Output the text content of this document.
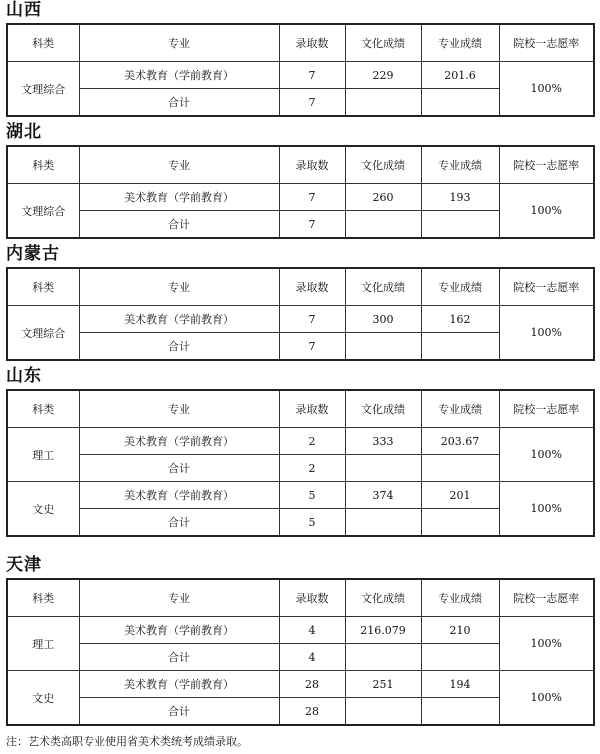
山西
科类	专业	录取数	文化成绩	专业成绩	院校一志愿率
文理综合	美术教育（学前教育）	7	229	201.6	100%
	合计	7			
湖北
科类	专业	录取数	文化成绩	专业成绩	院校一志愿率
文理综合	美术教育（学前教育）	7	260	193	100%
	合计	7			
内蒙古
科类	专业	录取数	文化成绩	专业成绩	院校一志愿率
文理综合	美术教育（学前教育）	7	300	162	100%
	合计	7			
山东
科类	专业	录取数	文化成绩	专业成绩	院校一志愿率
理工	美术教育（学前教育）	2	333	203.67	100%
	合计	2			
文史	美术教育（学前教育）	5	374	201	100%
	合计	5			
天津
科类	专业	录取数	文化成绩	专业成绩	院校一志愿率
理工	美术教育（学前教育）	4	216.079	210	100%
	合计	4			
文史	美术教育（学前教育）	28	251	194	100%
	合计	28			
注：艺术类高职专业使用省美术类统考成绩录取。
